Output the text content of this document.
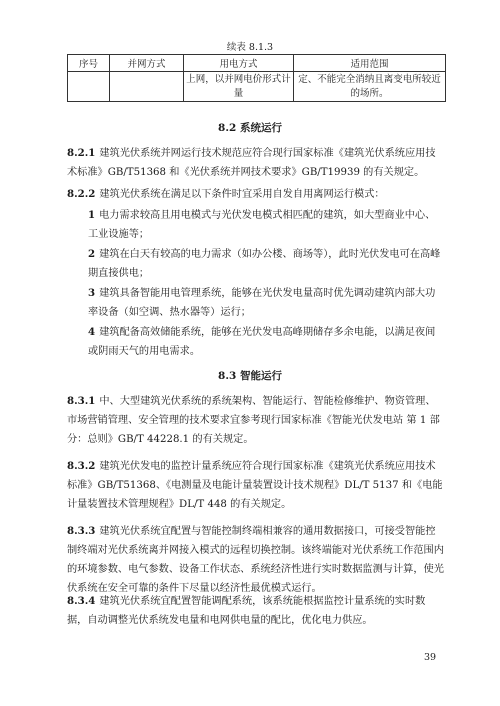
续表 8.1.3
序号	并网方式	用电方式	适用范围
		上网，以并网电价形式计量	定、不能完全消纳且离变电所较近的场所。
8.2 系统运行

8.2.1 建筑光伏系统并网运行技术规范应符合现行国家标准《建筑光伏系统应用技术标准》GB/T51368 和《光伏系统并网技术要求》GB/T19939 的有关规定。

8.2.2 建筑光伏系统在满足以下条件时宜采用自发自用离网运行模式：

1 电力需求较高且用电模式与光伏发电模式相匹配的建筑，如大型商业中心、工业设施等；

2 建筑在白天有较高的电力需求（如办公楼、商场等），此时光伏发电可在高峰期直接供电；

3 建筑具备智能用电管理系统，能够在光伏发电量高时优先调动建筑内部大功率设备（如空调、热水器等）运行；

4 建筑配备高效储能系统，能够在光伏发电高峰期储存多余电能，以满足夜间或阴雨天气的用电需求。

8.3 智能运行

8.3.1 中、大型建筑光伏系统的系统架构、智能运行、智能检修维护、物资管理、市场营销管理、安全管理的技术要求宜参考现行国家标准《智能光伏发电站 第 1 部分：总则》GB/T 44228.1 的有关规定。

8.3.2 建筑光伏发电的监控计量系统应符合现行国家标准《建筑光伏系统应用技术标准》GB/T51368、《电测量及电能计量装置设计技术规程》DL/T 5137 和《电能计量装置技术管理规程》DL/T 448 的有关规定。

8.3.3 建筑光伏系统宜配置与智能控制终端相兼容的通用数据接口，可接受智能控制终端对光伏系统离并网接入模式的远程切换控制。该终端能对光伏系统工作范围内的环境参数、电气参数、设备工作状态、系统经济性进行实时数据监测与计算，使光伏系统在安全可靠的条件下尽量以经济性最优模式运行。

8.3.4 建筑光伏系统宜配置智能调配系统，该系统能根据监控计量系统的实时数据，自动调整光伏系统发电量和电网供电量的配比，优化电力供应。

39
